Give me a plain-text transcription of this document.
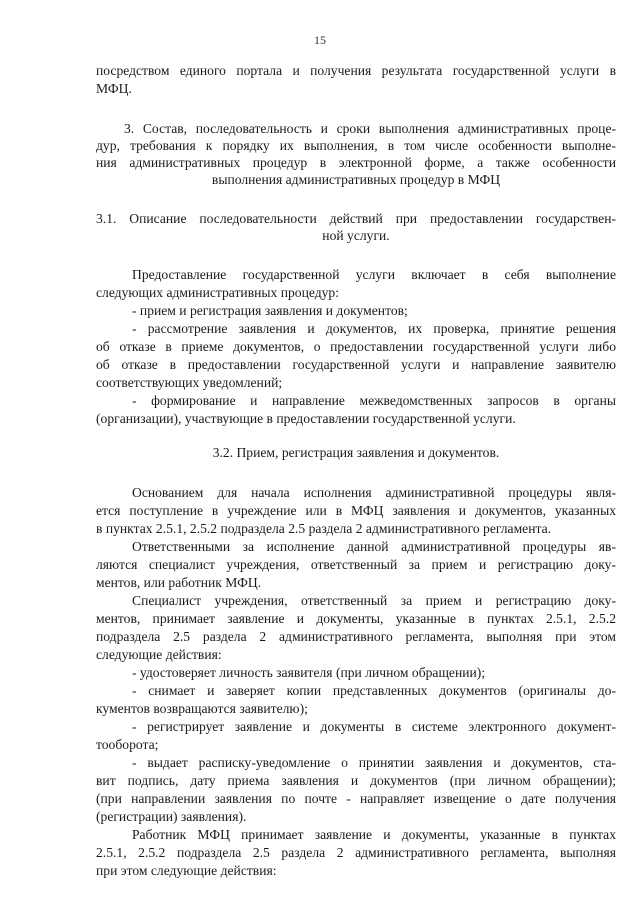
15
посредством единого портала и получения результата государственной услуги в
МФЦ.
3. Состав, последовательность и сроки выполнения административных проце-
дур, требования к порядку их выполнения, в том числе особенности выполне-
ния административных процедур в электронной форме, а также особенности
выполнения административных процедур в МФЦ
3.1. Описание последовательности действий при предоставлении государствен-
ной услуги.
Предоставление государственной услуги включает в себя выполнение
следующих административных процедур:
- прием и регистрация заявления и документов;
- рассмотрение заявления и документов, их проверка, принятие решения
об отказе в приеме документов, о предоставлении государственной услуги либо
об отказе в предоставлении государственной услуги и направление заявителю
соответствующих уведомлений;
- формирование и направление межведомственных запросов в органы
(организации), участвующие в предоставлении государственной услуги.
3.2. Прием, регистрация заявления и документов.
Основанием для начала исполнения административной процедуры явля-
ется поступление в учреждение или в МФЦ заявления и документов, указанных
в пунктах 2.5.1, 2.5.2 подраздела 2.5 раздела 2 административного регламента.
Ответственными за исполнение данной административной процедуры яв-
ляются специалист учреждения, ответственный за прием и регистрацию доку-
ментов, или работник МФЦ.
Специалист учреждения, ответственный за прием и регистрацию доку-
ментов, принимает заявление и документы, указанные в пунктах 2.5.1, 2.5.2
подраздела 2.5 раздела 2 административного регламента, выполняя при этом
следующие действия:
- удостоверяет личность заявителя (при личном обращении);
- снимает и заверяет копии представленных документов (оригиналы до-
кументов возвращаются заявителю);
- регистрирует заявление и документы в системе электронного документ-
тооборота;
- выдает расписку-уведомление о принятии заявления и документов, ста-
вит подпись, дату приема заявления и документов (при личном обращении);
(при направлении заявления по почте - направляет извещение о дате получения
(регистрации) заявления).
Работник МФЦ принимает заявление и документы, указанные в пунктах
2.5.1, 2.5.2 подраздела 2.5 раздела 2 административного регламента, выполняя
при этом следующие действия:
